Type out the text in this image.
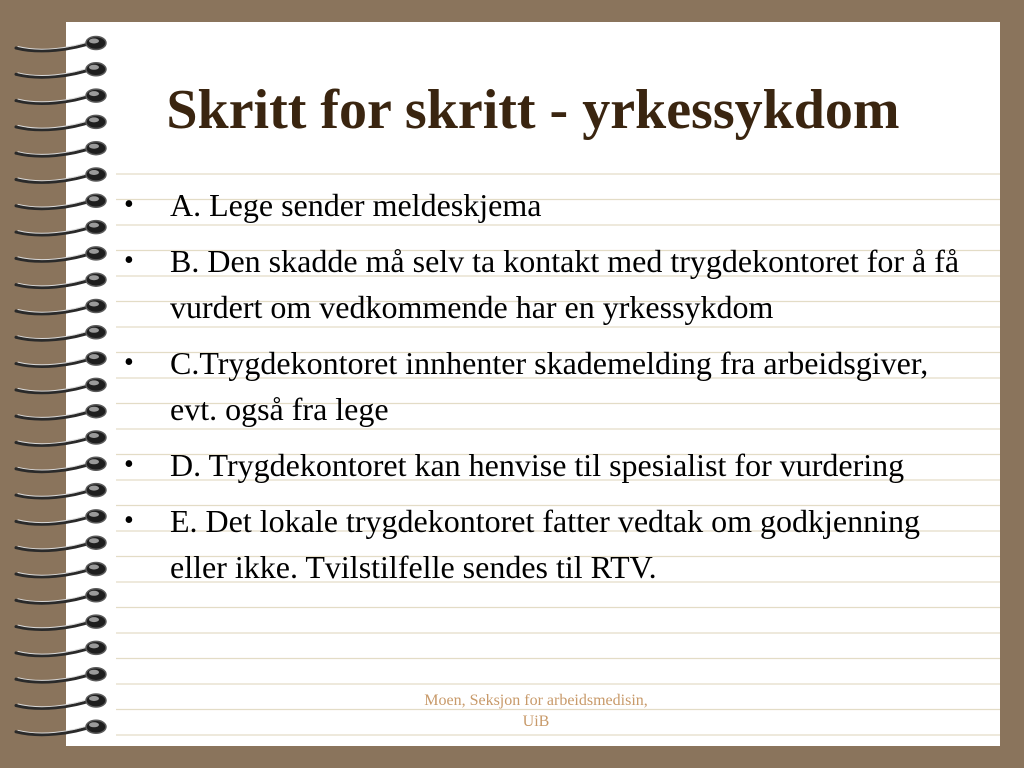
Skritt for skritt - yrkessykdom
•	A. Lege sender meldeskjema
•	B. Den skadde må selv ta kontakt med trygdekontoret for å få vurdert om vedkommende har en yrkessykdom
•	C.Trygdekontoret innhenter skademelding fra arbeidsgiver, evt. også fra lege
•	D. Trygdekontoret kan henvise til spesialist for vurdering
•	E. Det lokale trygdekontoret fatter vedtak om godkjenning eller ikke. Tvilstilfelle sendes til RTV.
Moen, Seksjon for arbeidsmedisin,
UiB
